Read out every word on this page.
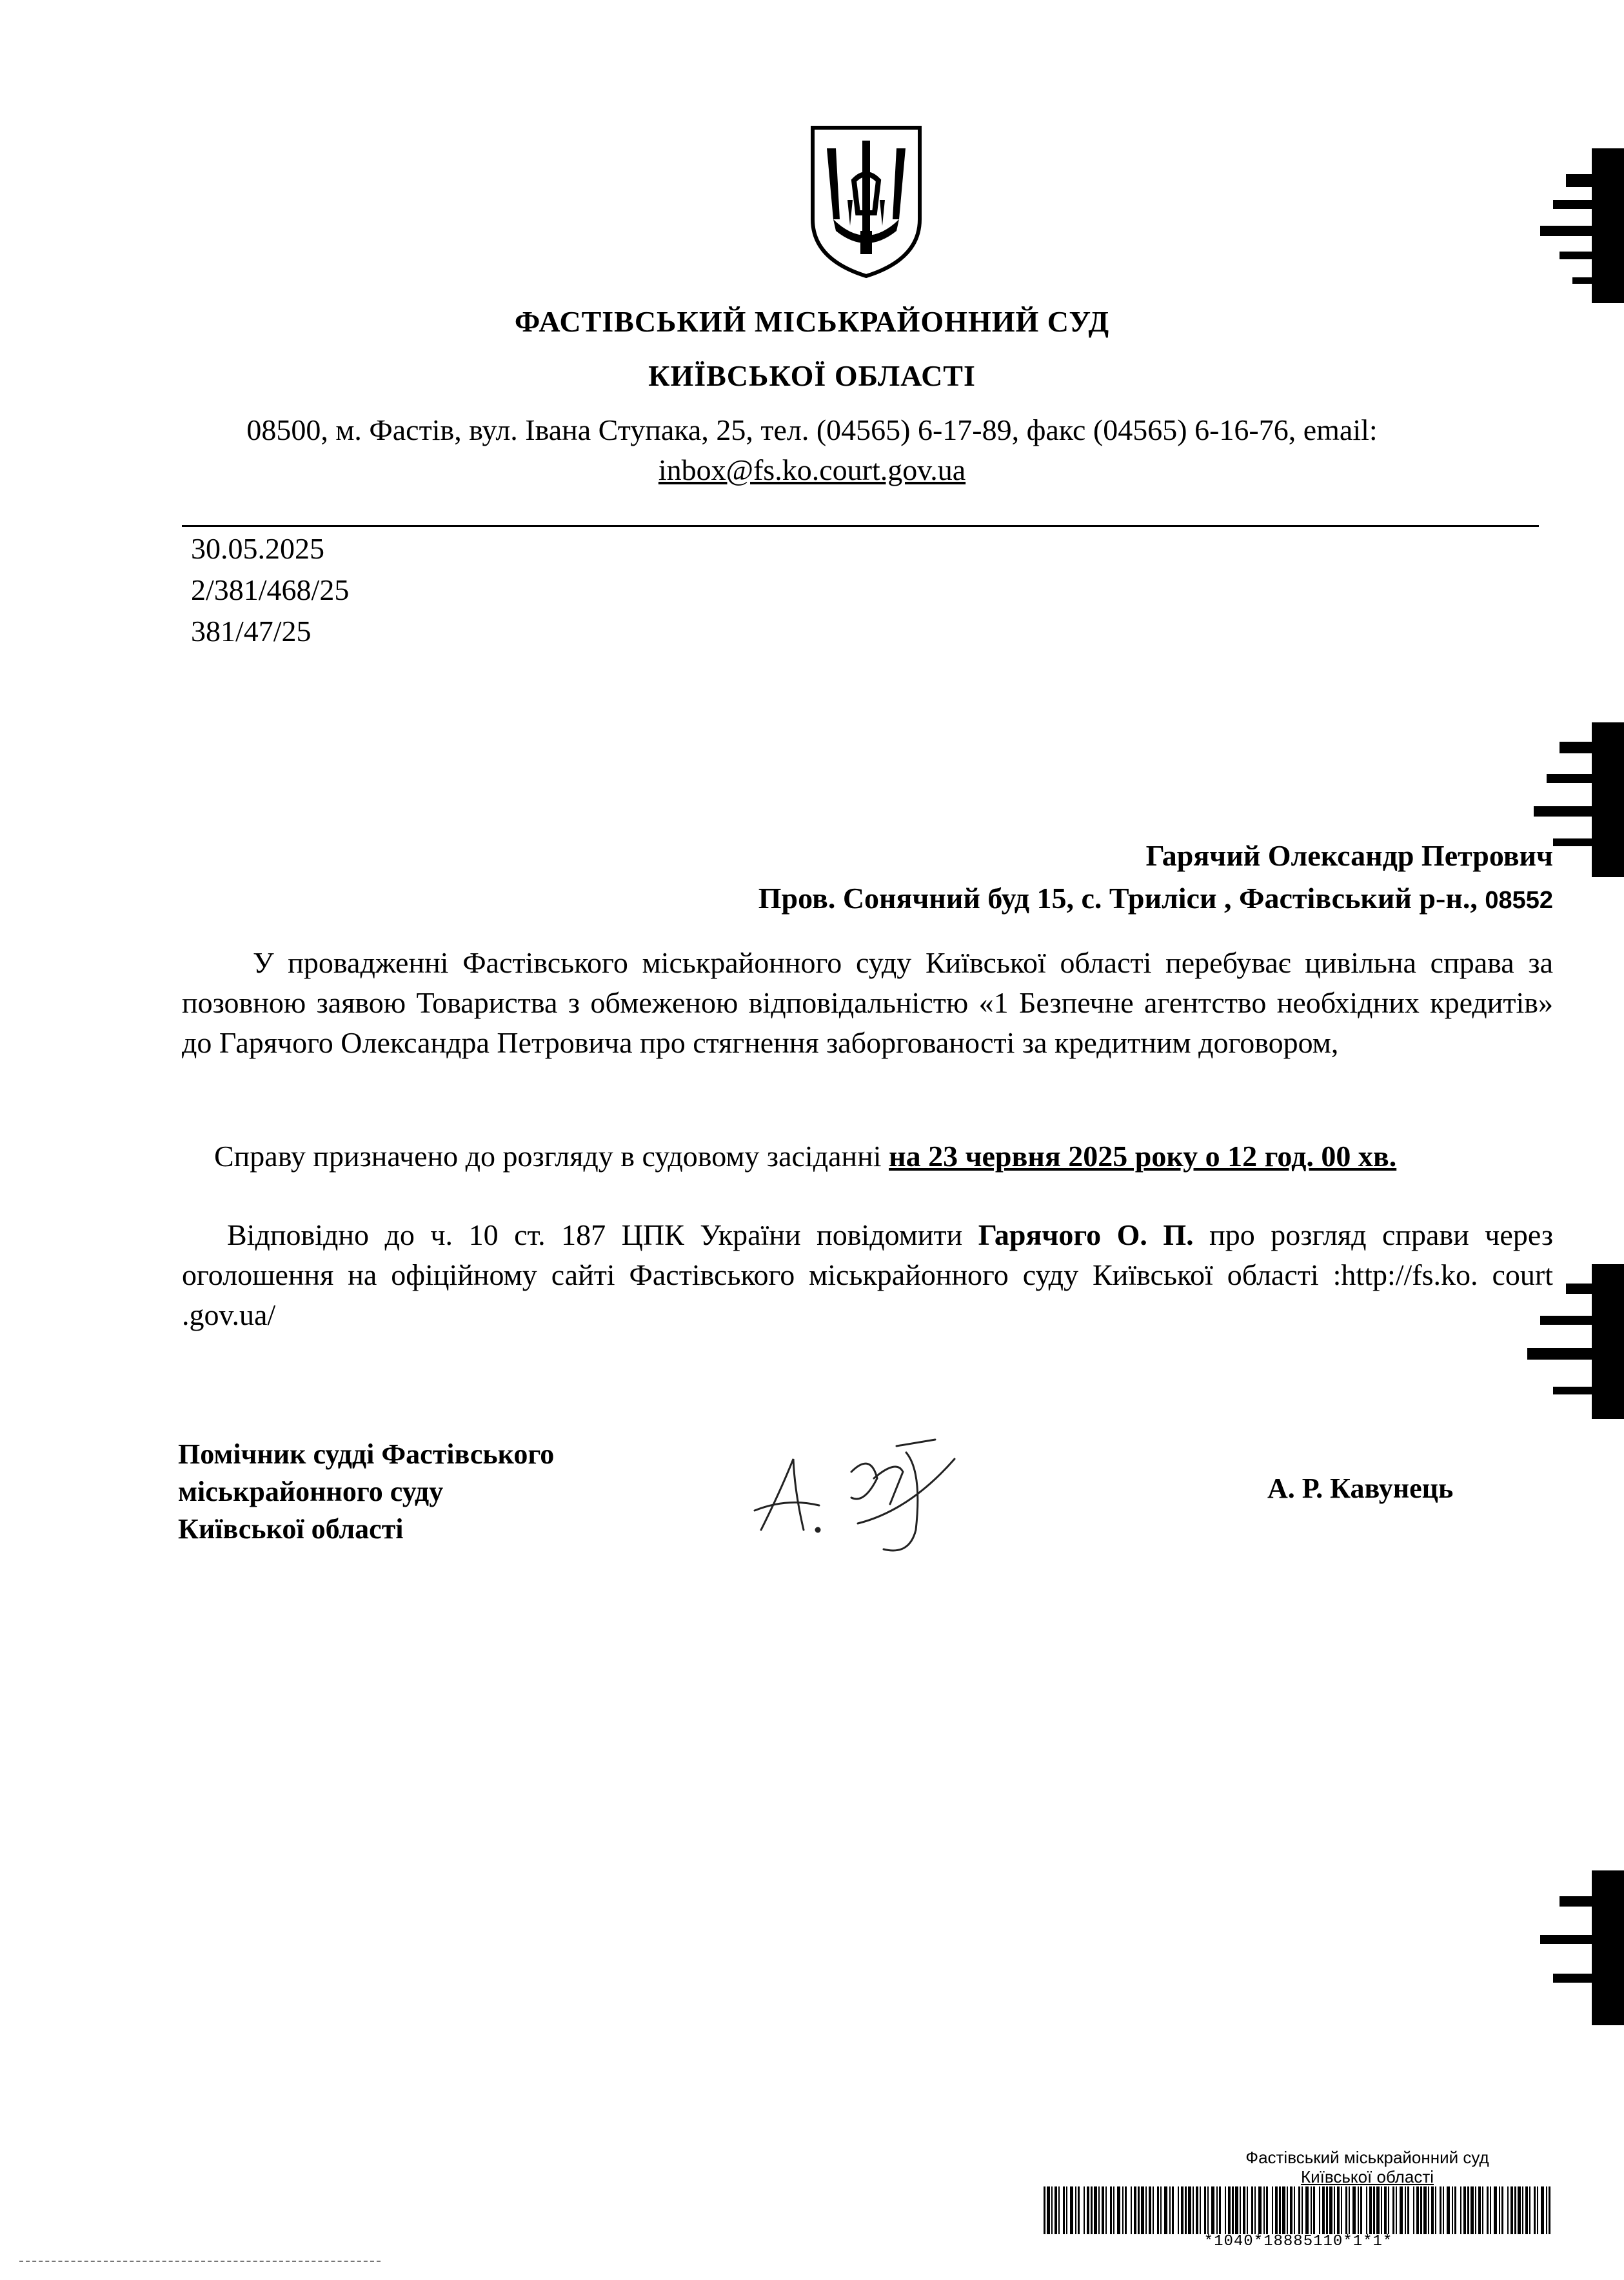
ФАСТІВСЬКИЙ МІСЬКРАЙОННИЙ СУД
КИЇВСЬКОЇ ОБЛАСТІ
08500, м. Фастів, вул. Івана Ступака, 25, тел. (04565) 6-17-89, факс (04565) 6-16-76, email:
inbox@fs.ko.court.gov.ua
30.05.2025
2/381/468/25
381/47/25
Гарячий Олександр Петрович
Пров. Сонячний буд 15, с. Триліси , Фастівський р-н., 08552
У провадженні Фастівського міськрайонного суду Київської області перебуває цивільна справа за позовною заявою Товариства з обмеженою відповідальністю «1 Безпечне агентство необхідних кредитів» до Гарячого Олександра Петровича про стягнення заборгованості за кредитним договором,
Справу призначено до розгляду в судовому засіданні на 23 червня 2025 року о 12 год. 00 хв.
Відповідно до ч. 10 ст. 187 ЦПК України повідомити Гарячого О. П. про розгляд справи через оголошення на офіційному сайті Фастівського міськрайонного суду Київської області :http://fs.ko. court .gov.ua/
Помічник судді Фастівського
міськрайонного суду
Київської області
А. Р. Кавунець
Фастівський міськрайонний суд
Київської області
*1040*18885110*1*1*
